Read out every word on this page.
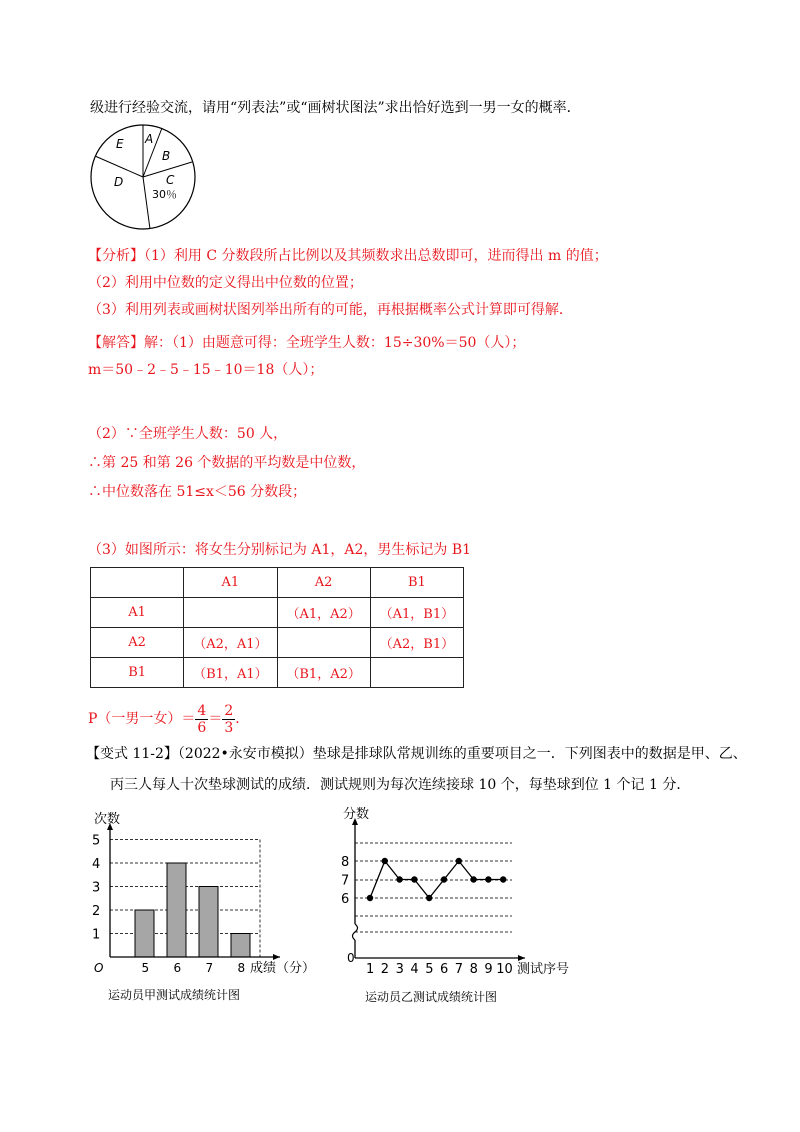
级进行经验交流，请用“列表法”或“画树状图法”求出恰好选到一男一女的概率．
E A
B
C
30％
D
【分析】（1）利用 C 分数段所占比例以及其频数求出总数即可，进而得出 m 的值；
（2）利用中位数的定义得出中位数的位置；
（3）利用列表或画树状图列举出所有的可能，再根据概率公式计算即可得解．
【解答】解：（1）由题意可得：全班学生人数：15÷30%＝50（人）；
m＝50﹣2﹣5﹣15﹣10＝18（人）；
（2）∵全班学生人数：50 人，
∴第 25 和第 26 个数据的平均数是中位数，
∴中位数落在 51≤x＜56 分数段；
（3）如图所示：将女生分别标记为 A1，A2，男生标记为 B1
	A1	A2	B1
A1		（A1，A2）	（A1，B1）
A2	（A2，A1）		（A2，B1）
B1	（B1，A1）	（B1，A2）	
P（一男一女）＝ $\frac{4}{6} = \frac{2}{3}$ ．
【变式 11-2】（2022•永安市模拟）垫球是排球队常规训练的重要项目之一．下列图表中的数据是甲、乙、
丙三人每人十次垫球测试的成绩．测试规则为每次连续接球 10 个，每垫球到位 1 个记 1 分．
5 6 7 8
1
2
3
4
5
O
次数
成绩（分）
运动员甲测试成绩统计图
6
7
8
1 2 3 4 5 6 7 8 9 10
0
分数
测试序号
运动员乙测试成绩统计图
